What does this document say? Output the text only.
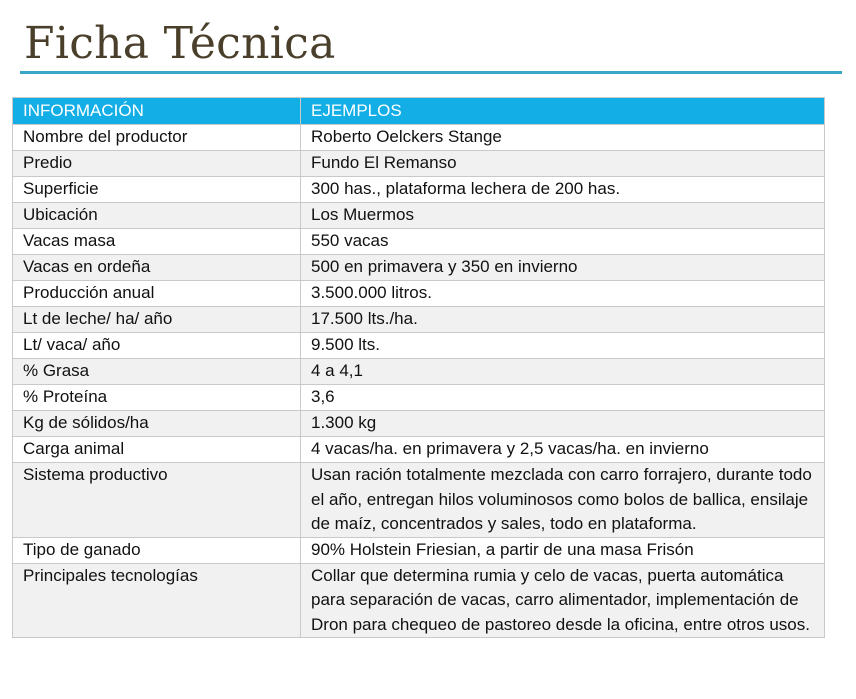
Ficha Técnica
INFORMACIÓN	EJEMPLOS
Nombre del productor	Roberto Oelckers Stange
Predio	Fundo El Remanso
Superficie	300 has., plataforma lechera de 200 has.
Ubicación	Los Muermos
Vacas masa	550 vacas
Vacas en ordeña	500 en primavera y 350 en invierno
Producción anual	3.500.000 litros.
Lt de leche/ ha/ año	17.500 lts./ha.
Lt/ vaca/ año	9.500 lts.
% Grasa	4 a 4,1
% Proteína	3,6
Kg de sólidos/ha	1.300 kg
Carga animal	4 vacas/ha. en primavera y 2,5 vacas/ha. en invierno
Sistema productivo	Usan ración totalmente mezclada con carro forrajero, durante todo el año, entregan hilos voluminosos como bolos de ballica, ensilaje de maíz, concentrados y sales, todo en plataforma.
Tipo de ganado	90% Holstein Friesian, a partir de una masa Frisón
Principales tecnologías	Collar que determina rumia y celo de vacas, puerta automática para separación de vacas, carro alimentador, implementación de Dron para chequeo de pastoreo desde la oficina, entre otros usos.
